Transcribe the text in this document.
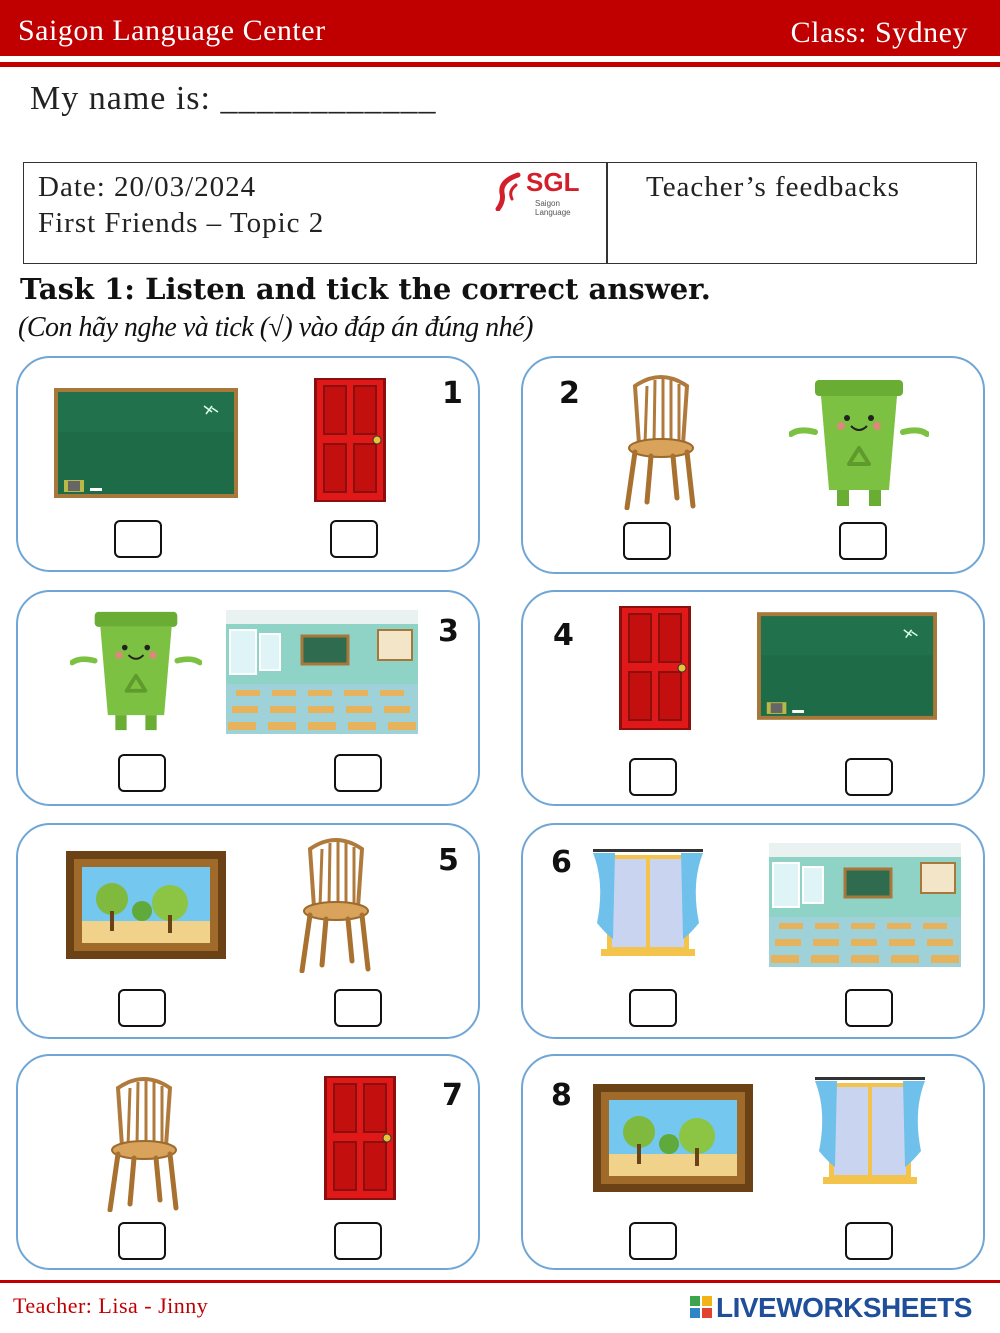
Saigon Language Center	Class: Sydney
My name is: ____________
Date: 20/03/2024
First Friends – Topic 2
SGL
Saigon Language
Teacher’s feedbacks
Task 1: Listen and tick the correct answer.
(Con hãy nghe và tick (√) vào đáp án đúng nhé)
1	2
3	4
5	6
7	8
Teacher: Lisa - Jinny	LIVEWORKSHEETS
